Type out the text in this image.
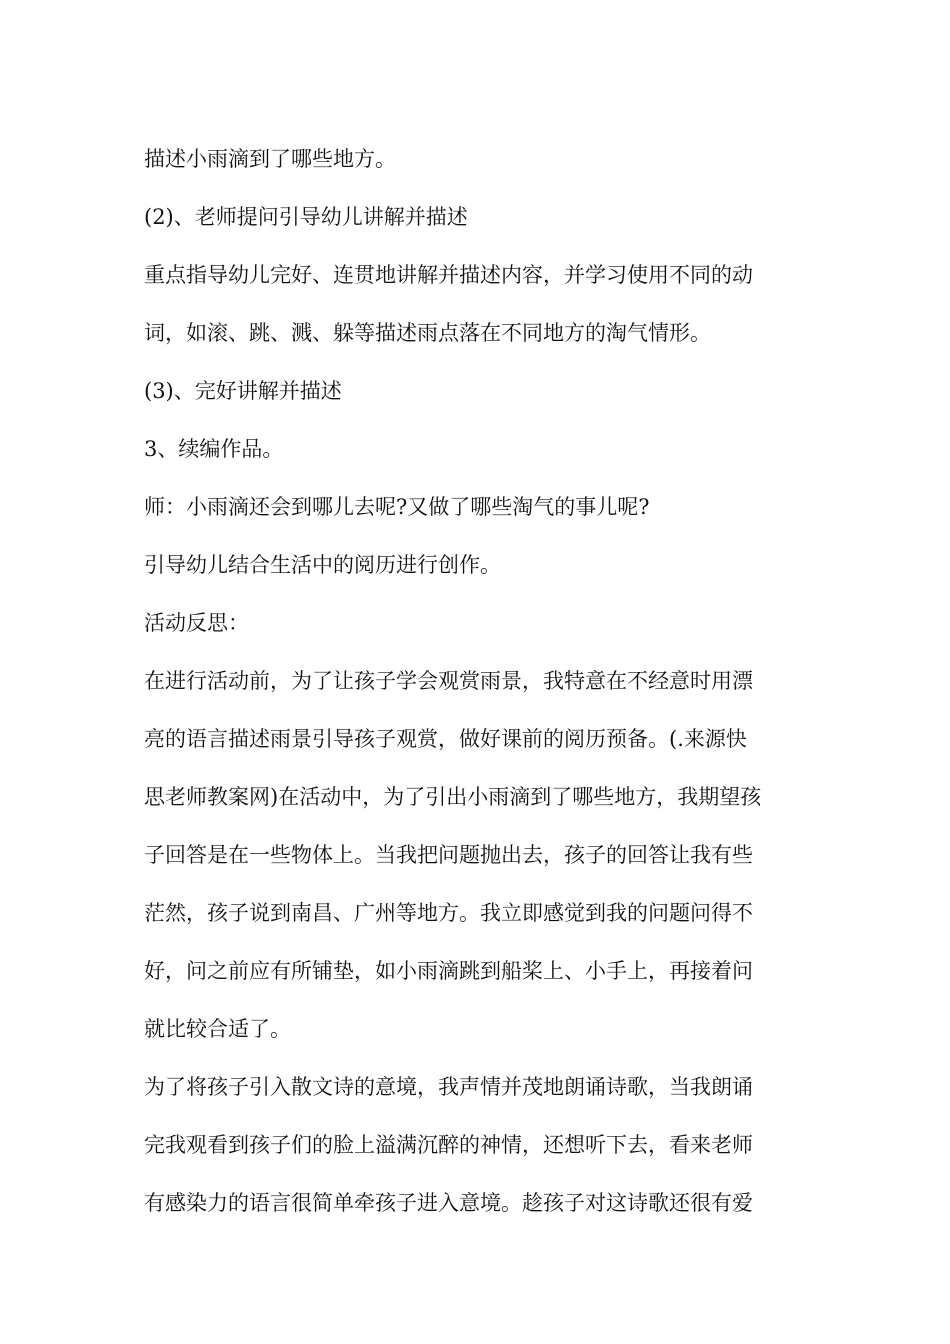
描述小雨滴到了哪些地方。
(2)、老师提问引导幼儿讲解并描述
重点指导幼儿完好、连贯地讲解并描述内容，并学习使用不同的动
词，如滚、跳、溅、躲等描述雨点落在不同地方的淘气情形。
(3)、完好讲解并描述
3、续编作品。
师：小雨滴还会到哪儿去呢?又做了哪些淘气的事儿呢?
引导幼儿结合生活中的阅历进行创作。
活动反思：
在进行活动前，为了让孩子学会观赏雨景，我特意在不经意时用漂
亮的语言描述雨景引导孩子观赏，做好课前的阅历预备。(.来源快
思老师教案网)在活动中，为了引出小雨滴到了哪些地方，我期望孩
子回答是在一些物体上。当我把问题抛出去，孩子的回答让我有些
茫然，孩子说到南昌、广州等地方。我立即感觉到我的问题问得不
好，问之前应有所铺垫，如小雨滴跳到船桨上、小手上，再接着问
就比较合适了。
为了将孩子引入散文诗的意境，我声情并茂地朗诵诗歌，当我朗诵
完我观看到孩子们的脸上溢满沉醉的神情，还想听下去，看来老师
有感染力的语言很简单牵孩子进入意境。趁孩子对这诗歌还很有爱
